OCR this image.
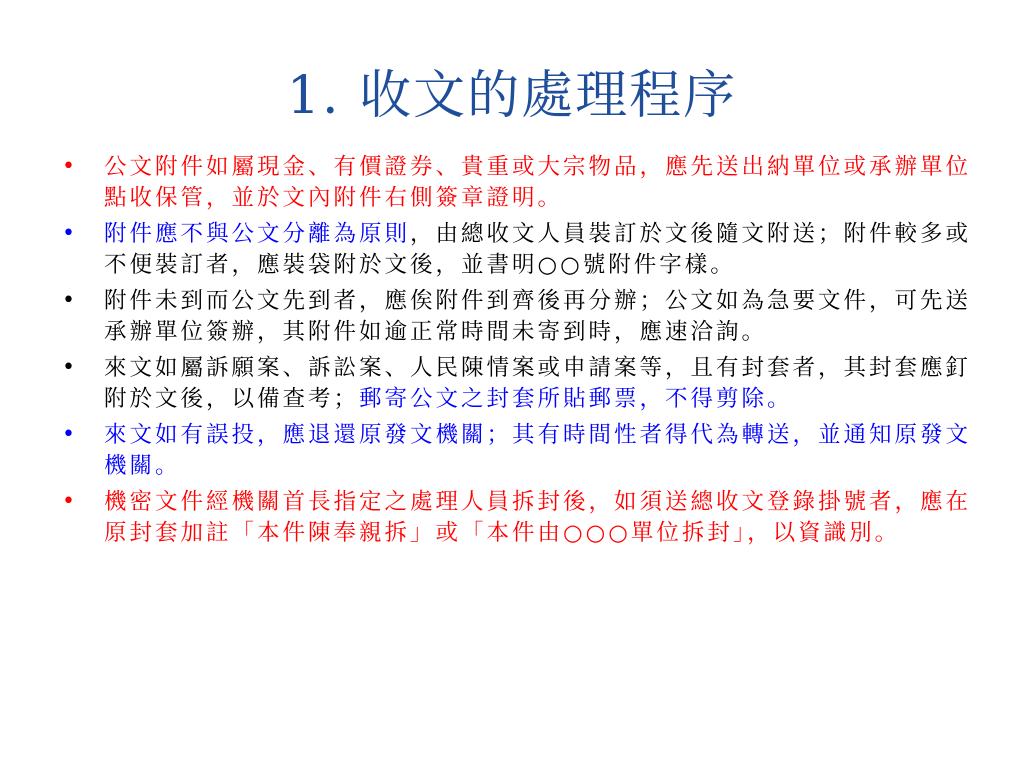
1. 收文的處理程序
• 公文附件如屬現金、有價證券、貴重或大宗物品，應先送出納單位或承辦單位點收保管，並於文內附件右側簽章證明。
• 附件應不與公文分離為原則，由總收文人員裝訂於文後隨文附送；附件較多或不便裝訂者，應裝袋附於文後，並書明○○號附件字樣。
• 附件未到而公文先到者，應俟附件到齊後再分辦；公文如為急要文件，可先送承辦單位簽辦，其附件如逾正常時間未寄到時，應速洽詢。
• 來文如屬訴願案、訴訟案、人民陳情案或申請案等，且有封套者，其封套應釘附於文後，以備查考；郵寄公文之封套所貼郵票，不得剪除。
• 來文如有誤投，應退還原發文機關；其有時間性者得代為轉送，並通知原發文機關。
• 機密文件經機關首長指定之處理人員拆封後，如須送總收文登錄掛號者，應在原封套加註「本件陳奉親拆」或「本件由○○○單位拆封」，以資識別。
